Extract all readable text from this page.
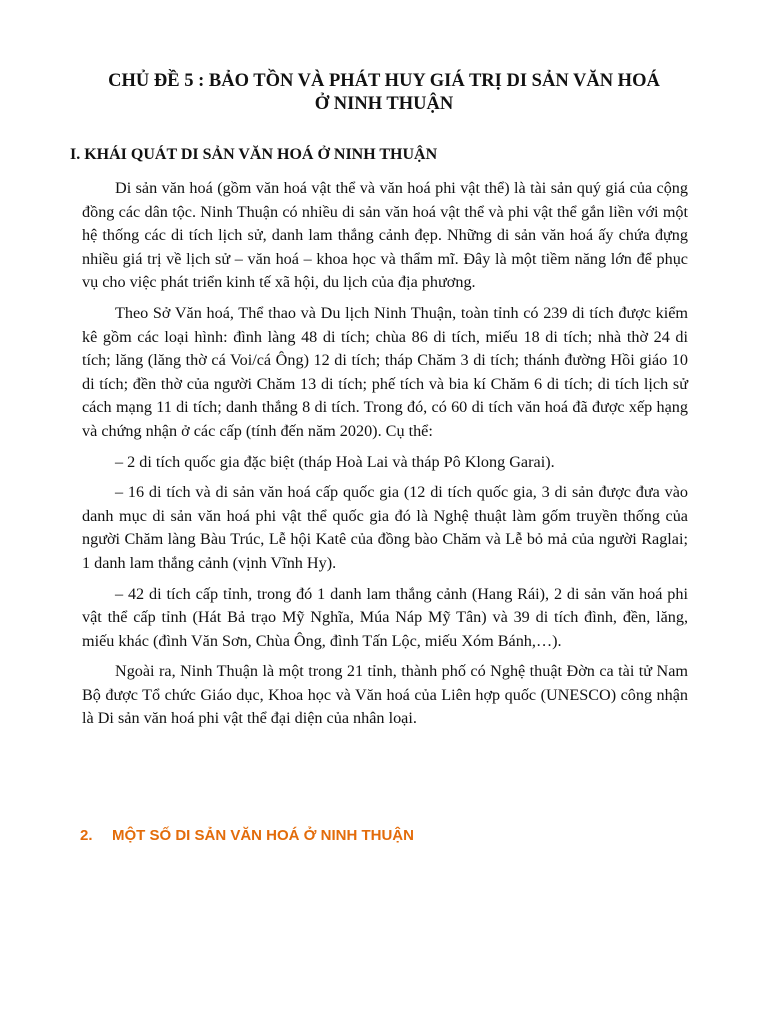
CHỦ ĐỀ 5 : BẢO TỒN VÀ PHÁT HUY GIÁ TRỊ DI SẢN VĂN HOÁ
Ở NINH THUẬN
I. KHÁI QUÁT DI SẢN VĂN HOÁ Ở NINH THUẬN

Di sản văn hoá (gồm văn hoá vật thể và văn hoá phi vật thể) là tài sản quý giá của cộng đồng các dân tộc. Ninh Thuận có nhiều di sản văn hoá vật thể và phi vật thể gắn liền với một hệ thống các di tích lịch sử, danh lam thắng cảnh đẹp. Những di sản văn hoá ấy chứa đựng nhiều giá trị về lịch sử – văn hoá – khoa học và thẩm mĩ. Đây là một tiềm năng lớn để phục vụ cho việc phát triển kinh tế xã hội, du lịch của địa phương.

Theo Sở Văn hoá, Thể thao và Du lịch Ninh Thuận, toàn tỉnh có 239 di tích được kiểm kê gồm các loại hình: đình làng 48 di tích; chùa 86 di tích, miếu 18 di tích; nhà thờ 24 di tích; lăng (lăng thờ cá Voi/cá Ông) 12 di tích; tháp Chăm 3 di tích; thánh đường Hồi giáo 10 di tích; đền thờ của người Chăm 13 di tích; phế tích và bia kí Chăm 6 di tích; di tích lịch sử cách mạng 11 di tích; danh thắng 8 di tích. Trong đó, có 60 di tích văn hoá đã được xếp hạng và chứng nhận ở các cấp (tính đến năm 2020). Cụ thể:

– 2 di tích quốc gia đặc biệt (tháp Hoà Lai và tháp Pô Klong Garai).

– 16 di tích và di sản văn hoá cấp quốc gia (12 di tích quốc gia, 3 di sản được đưa vào danh mục di sản văn hoá phi vật thể quốc gia đó là Nghệ thuật làm gốm truyền thống của người Chăm làng Bàu Trúc, Lễ hội Katê của đồng bào Chăm và Lễ bỏ mả của người Raglai; 1 danh lam thắng cảnh (vịnh Vĩnh Hy).

– 42 di tích cấp tỉnh, trong đó 1 danh lam thắng cảnh (Hang Rái), 2 di sản văn hoá phi vật thể cấp tỉnh (Hát Bả trạo Mỹ Nghĩa, Múa Náp Mỹ Tân) và 39 di tích đình, đền, lăng, miếu khác (đình Văn Sơn, Chùa Ông, đình Tấn Lộc, miếu Xóm Bánh,…).

Ngoài ra, Ninh Thuận là một trong 21 tỉnh, thành phố có Nghệ thuật Đờn ca tài tử Nam Bộ được Tổ chức Giáo dục, Khoa học và Văn hoá của Liên hợp quốc (UNESCO) công nhận là Di sản văn hoá phi vật thể đại diện của nhân loại.

2. MỘT SỐ DI SẢN VĂN HOÁ Ở NINH THUẬN
